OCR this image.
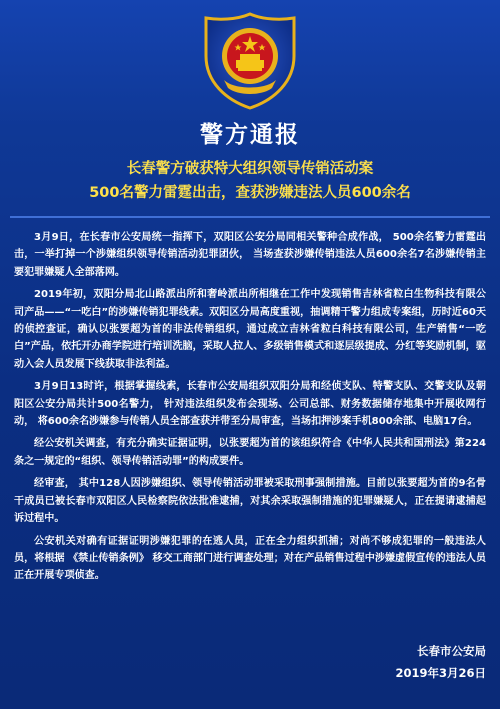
警方通报
长春警方破获特大组织领导传销活动案
500名警力雷霆出击，查获涉嫌违法人员600余名

3月9日，在长春市公安局统一指挥下，双阳区公安分局同相关警种合成作战， 500余名警力雷霆出击，一举打掉一个涉嫌组织领导传销活动犯罪团伙， 当场查获涉嫌传销违法人员600余名7名涉嫌传销主要犯罪嫌疑人全部落网。

2019年初，双阳分局北山路派出所和奢岭派出所相继在工作中发现销售吉林省粒白生物科技有限公司产品——“一吃白”的涉嫌传销犯罪线索。双阳区分局高度重视，抽调精干警力组成专案组，历时近60天的侦控查证，确认以张要超为首的非法传销组织，通过成立吉林省粒白科技有限公司，生产销售“一吃白”产品，依托开办商学院进行培训洗脑，采取人拉人、多级销售模式和逐层级提成、分红等奖励机制，驱动入会人员发展下线获取非法利益。

3月9日13时许，根据掌握线索，长春市公安局组织双阳分局和经侦支队、特警支队、交警支队及朝阳区公安分局共计500名警力， 针对违法组织发布会现场、公司总部、财务数据储存地集中开展收网行动， 将600余名涉嫌参与传销人员全部查获并带至分局审查，当场扣押涉案手机800余部、电脑17台。

经公安机关调查，有充分确实证据证明，以张要超为首的该组织符合《中华人民共和国刑法》第224条之一规定的“组织、领导传销活动罪”的构成要件。

经审查， 其中128人因涉嫌组织、领导传销活动罪被采取刑事强制措施。目前以张要超为首的9名骨干成员已被长春市双阳区人民检察院依法批准逮捕，对其余采取强制措施的犯罪嫌疑人，正在提请逮捕起诉过程中。

公安机关对确有证据证明涉嫌犯罪的在逃人员，正在全力组织抓捕；对尚不够成犯罪的一般违法人员，将根据 《禁止传销条例》 移交工商部门进行调查处理；对在产品销售过程中涉嫌虚假宣传的违法人员正在开展专项侦查。

长春市公安局
2019年3月26日
